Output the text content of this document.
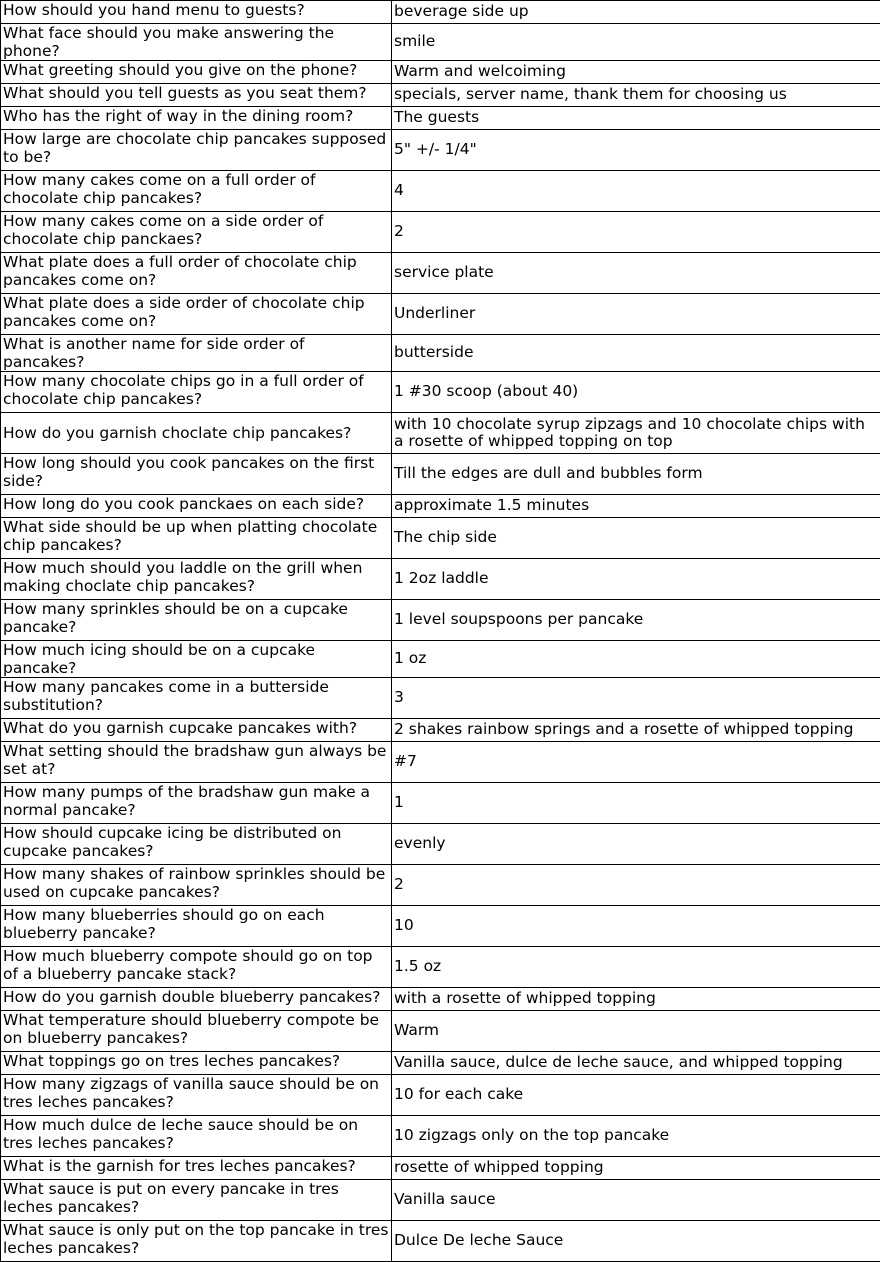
How should you hand menu to guests?	beverage side up
What face should you make answering the phone?	smile
What greeting should you give on the phone?	Warm and welcoiming
What should you tell guests as you seat them?	specials, server name, thank them for choosing us
Who has the right of way in the dining room?	The guests
How large are chocolate chip pancakes supposed to be?	5" +/- 1/4"
How many cakes come on a full order of chocolate chip pancakes?	4
How many cakes come on a side order of chocolate chip panckaes?	2
What plate does a full order of chocolate chip pancakes come on?	service plate
What plate does a side order of chocolate chip pancakes come on?	Underliner
What is another name for side order of pancakes?	butterside
How many chocolate chips go in a full order of chocolate chip pancakes?	1 #30 scoop (about 40)
How do you garnish choclate chip pancakes?	with 10 chocolate syrup zipzags and 10 chocolate chips with a rosette of whipped topping on top
How long should you cook pancakes on the first side?	Till the edges are dull and bubbles form
How long do you cook panckaes on each side?	approximate 1.5 minutes
What side should be up when platting chocolate chip pancakes?	The chip side
How much should you laddle on the grill when making choclate chip pancakes?	1 2oz laddle
How many sprinkles should be on a cupcake pancake?	1 level soupspoons per pancake
How much icing should be on a cupcake pancake?	1 oz
How many pancakes come in a butterside substitution?	3
What do you garnish cupcake pancakes with?	2 shakes rainbow springs and a rosette of whipped topping
What setting should the bradshaw gun always be set at?	#7
How many pumps of the bradshaw gun make a normal pancake?	1
How should cupcake icing be distributed on cupcake pancakes?	evenly
How many shakes of rainbow sprinkles should be used on cupcake pancakes?	2
How many blueberries should go on each blueberry pancake?	10
How much blueberry compote should go on top of a blueberry pancake stack?	1.5 oz
How do you garnish double blueberry pancakes?	with a rosette of whipped topping
What temperature should blueberry compote be on blueberry pancakes?	Warm
What toppings go on tres leches pancakes?	Vanilla sauce, dulce de leche sauce, and whipped topping
How many zigzags of vanilla sauce should be on tres leches pancakes?	10 for each cake
How much dulce de leche sauce should be on tres leches pancakes?	10 zigzags only on the top pancake
What is the garnish for tres leches pancakes?	rosette of whipped topping
What sauce is put on every pancake in tres leches pancakes?	Vanilla sauce
What sauce is only put on the top pancake in tres leches pancakes?	Dulce De leche Sauce
